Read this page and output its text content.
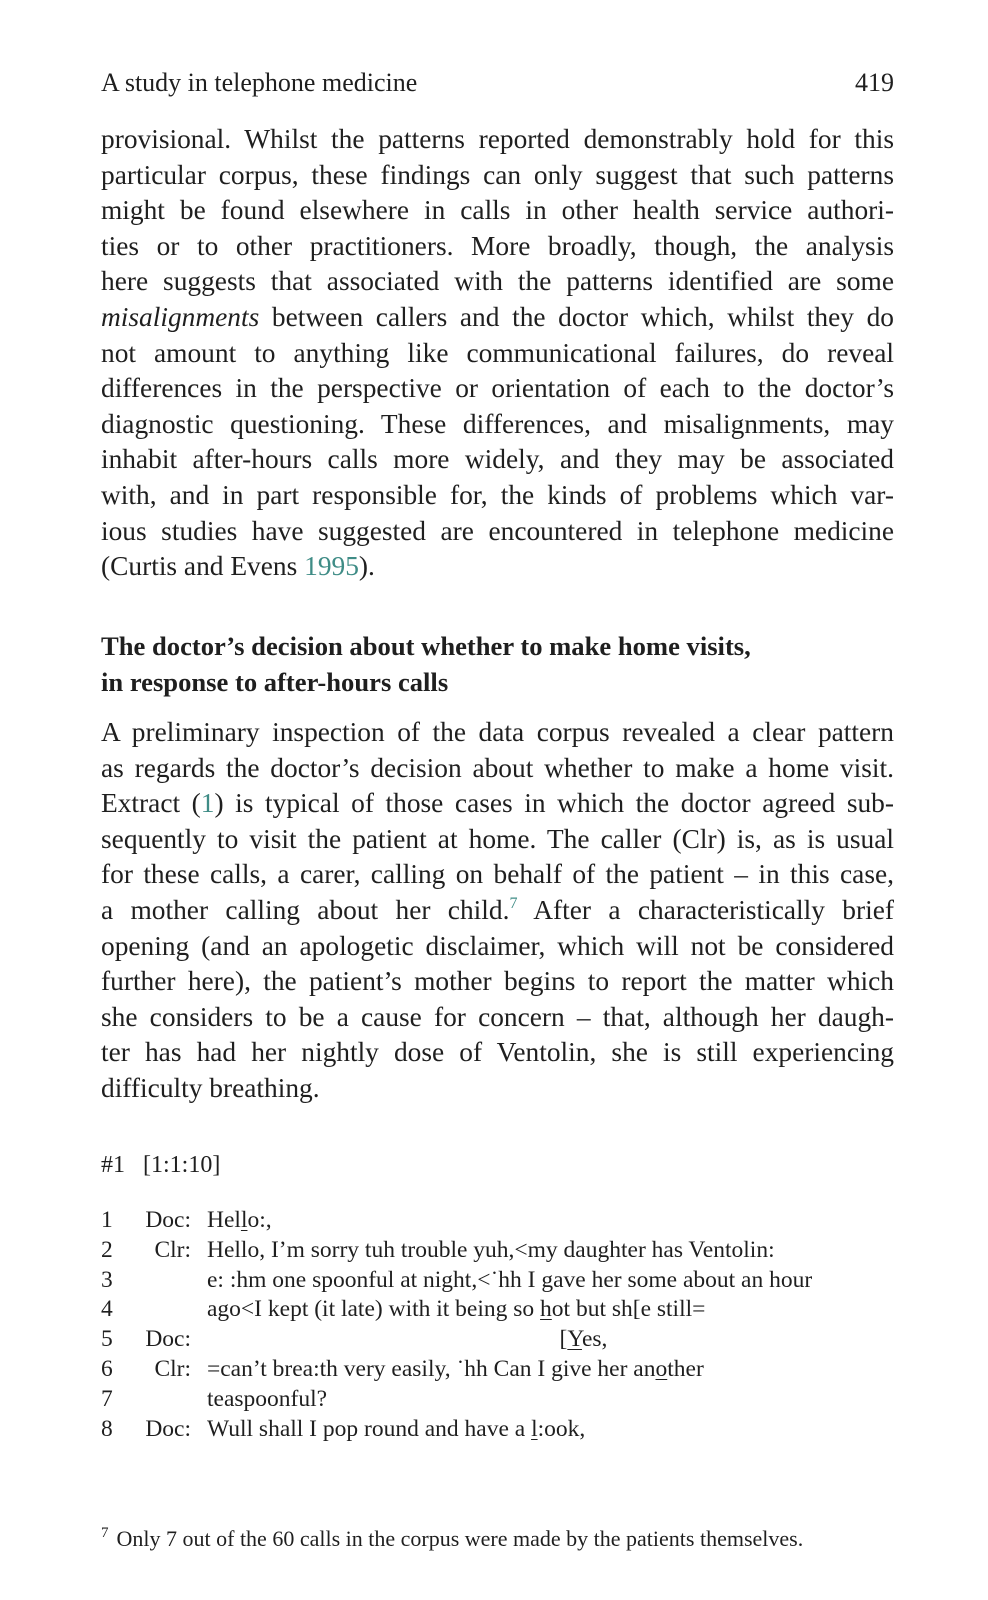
A study in telephone medicine	419
provisional. Whilst the patterns reported demonstrably hold for this
particular corpus, these findings can only suggest that such patterns
might be found elsewhere in calls in other health service authori-
ties or to other practitioners. More broadly, though, the analysis
here suggests that associated with the patterns identified are some
misalignments between callers and the doctor which, whilst they do
not amount to anything like communicational failures, do reveal
differences in the perspective or orientation of each to the doctor’s
diagnostic questioning. These differences, and misalignments, may
inhabit after-hours calls more widely, and they may be associated
with, and in part responsible for, the kinds of problems which var-
ious studies have suggested are encountered in telephone medicine
(Curtis and Evens 1995).
The doctor’s decision about whether to make home visits,
in response to after-hours calls
A preliminary inspection of the data corpus revealed a clear pattern
as regards the doctor’s decision about whether to make a home visit.
Extract (1) is typical of those cases in which the doctor agreed sub-
sequently to visit the patient at home. The caller (Clr) is, as is usual
for these calls, a carer, calling on behalf of the patient – in this case,
a mother calling about her child.$^7$ After a characteristically brief
opening (and an apologetic disclaimer, which will not be considered
further here), the patient’s mother begins to report the matter which
she considers to be a cause for concern – that, although her daugh-
ter has had her nightly dose of Ventolin, she is still experiencing
difficulty breathing.
#1 [1:1:10]
1	Doc: Hello:,
2	Clr: Hello, I’m sorry tuh trouble yuh,<my daughter has Ventolin:
3	e: :hm one spoonful at night,<˙hh I gave her some about an hour
4	ago<I kept (it late) with it being so hot but sh[e still=
5	Doc: [Yes,
6	Clr: =can’t brea:th very easily, ˙hh Can I give her another
7	teaspoonful?
8	Doc: Wull shall I pop round and have a l:ook,
$^7$ Only 7 out of the 60 calls in the corpus were made by the patients themselves.
